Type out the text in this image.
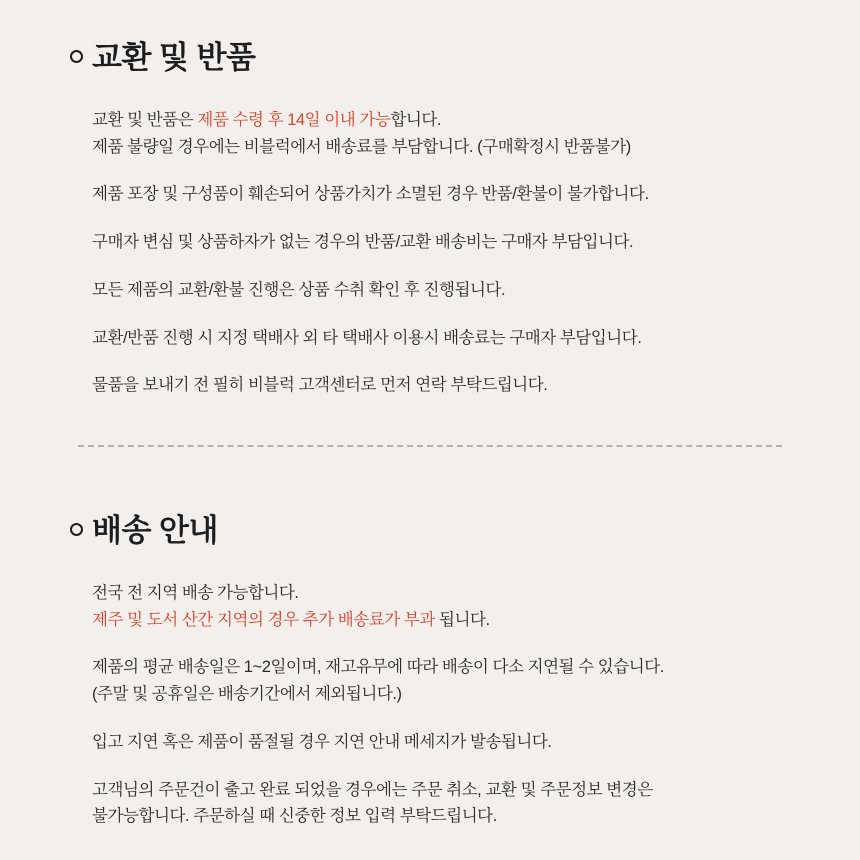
교환 및 반품

교환 및 반품은 제품 수령 후 14일 이내 가능합니다.
제품 불량일 경우에는 비블럭에서 배송료를 부담합니다. (구매확정시 반품불가)

제품 포장 및 구성품이 훼손되어 상품가치가 소멸된 경우 반품/환불이 불가합니다.

구매자 변심 및 상품하자가 없는 경우의 반품/교환 배송비는 구매자 부담입니다.

모든 제품의 교환/환불 진행은 상품 수취 확인 후 진행됩니다.

교환/반품 진행 시 지정 택배사 외 타 택배사 이용시 배송료는 구매자 부담입니다.

물품을 보내기 전 필히 비블럭 고객센터로 먼저 연락 부탁드립니다.

배송 안내

전국 전 지역 배송 가능합니다.
제주 및 도서 산간 지역의 경우 추가 배송료가 부과 됩니다.

제품의 평균 배송일은 1~2일이며, 재고유무에 따라 배송이 다소 지연될 수 있습니다.
(주말 및 공휴일은 배송기간에서 제외됩니다.)

입고 지연 혹은 제품이 품절될 경우 지연 안내 메세지가 발송됩니다.

고객님의 주문건이 출고 완료 되었을 경우에는 주문 취소, 교환 및 주문정보 변경은
불가능합니다. 주문하실 때 신중한 정보 입력 부탁드립니다.
